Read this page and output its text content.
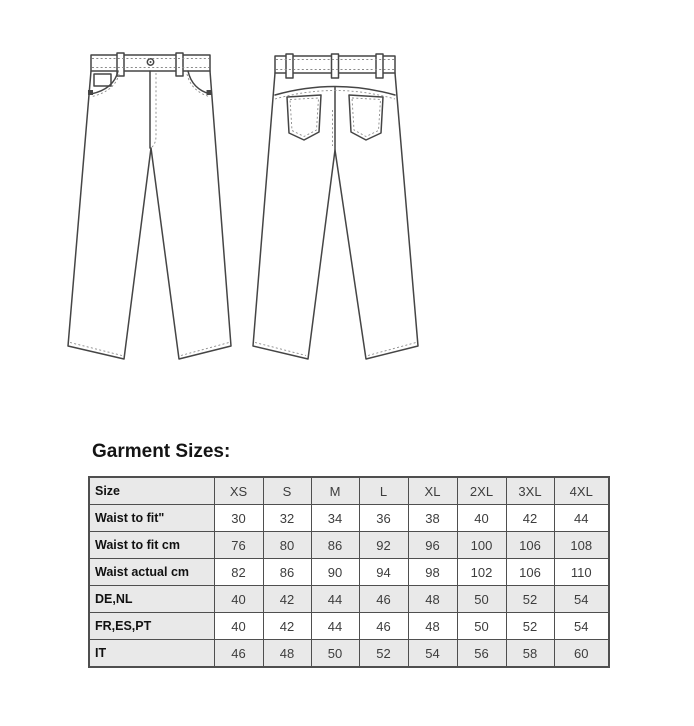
Garment Sizes:
Size	XS	S	M	L	XL	2XL	3XL	4XL
Waist to fit"	30	32	34	36	38	40	42	44
Waist to fit cm	76	80	86	92	96	100	106	108
Waist actual cm	82	86	90	94	98	102	106	110
DE,NL	40	42	44	46	48	50	52	54
FR,ES,PT	40	42	44	46	48	50	52	54
IT	46	48	50	52	54	56	58	60
